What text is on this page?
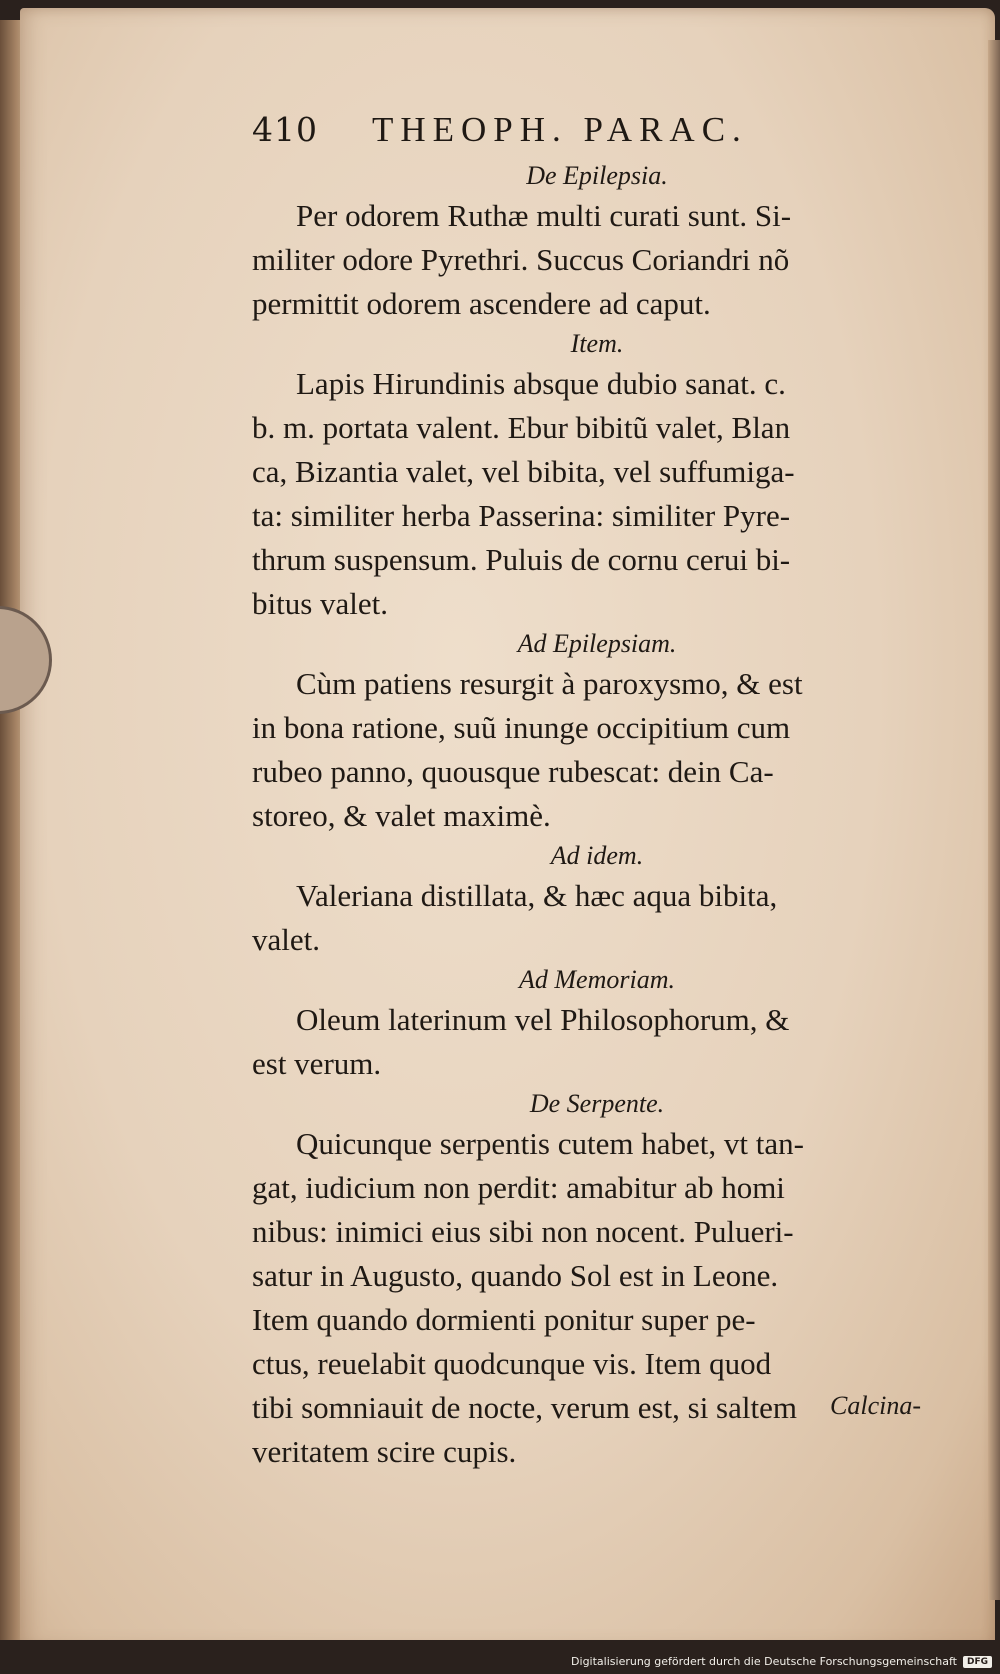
410	THEOPH. PARAC.

De Epilepsia.

Per odorem Ruthæ multi curati sunt. Si-
militer odore Pyrethri. Succus Coriandri nõ
permittit odorem ascendere ad caput.

Item.

Lapis Hirundinis absque dubio sanat. c.
b. m. portata valent. Ebur bibitũ valet, Blan
ca, Bizantia valet, vel bibita, vel suffumiga-
ta: similiter herba Passerina: similiter Pyre-
thrum suspensum. Puluis de cornu cerui bi-
bitus valet.

Ad Epilepsiam.

Cùm patiens resurgit à paroxysmo, & est
in bona ratione, suũ inunge occipitium cum
rubeo panno, quousque rubescat: dein Ca-
storeo, & valet maximè.

Ad idem.

Valeriana distillata, & hæc aqua bibita,
valet.

Ad Memoriam.

Oleum laterinum vel Philosophorum, &
est verum.

De Serpente.

Quicunque serpentis cutem habet, vt tan-
gat, iudicium non perdit: amabitur ab homi
nibus: inimici eius sibi non nocent. Pulueri-
satur in Augusto, quando Sol est in Leone.
Item quando dormienti ponitur super pe-
ctus, reuelabit quodcunque vis. Item quod
tibi somniauit de nocte, verum est, si saltem
veritatem scire cupis.

Calcina-
Digitalisierung gefördert durch die Deutsche Forschungsgemeinschaft	DFG
